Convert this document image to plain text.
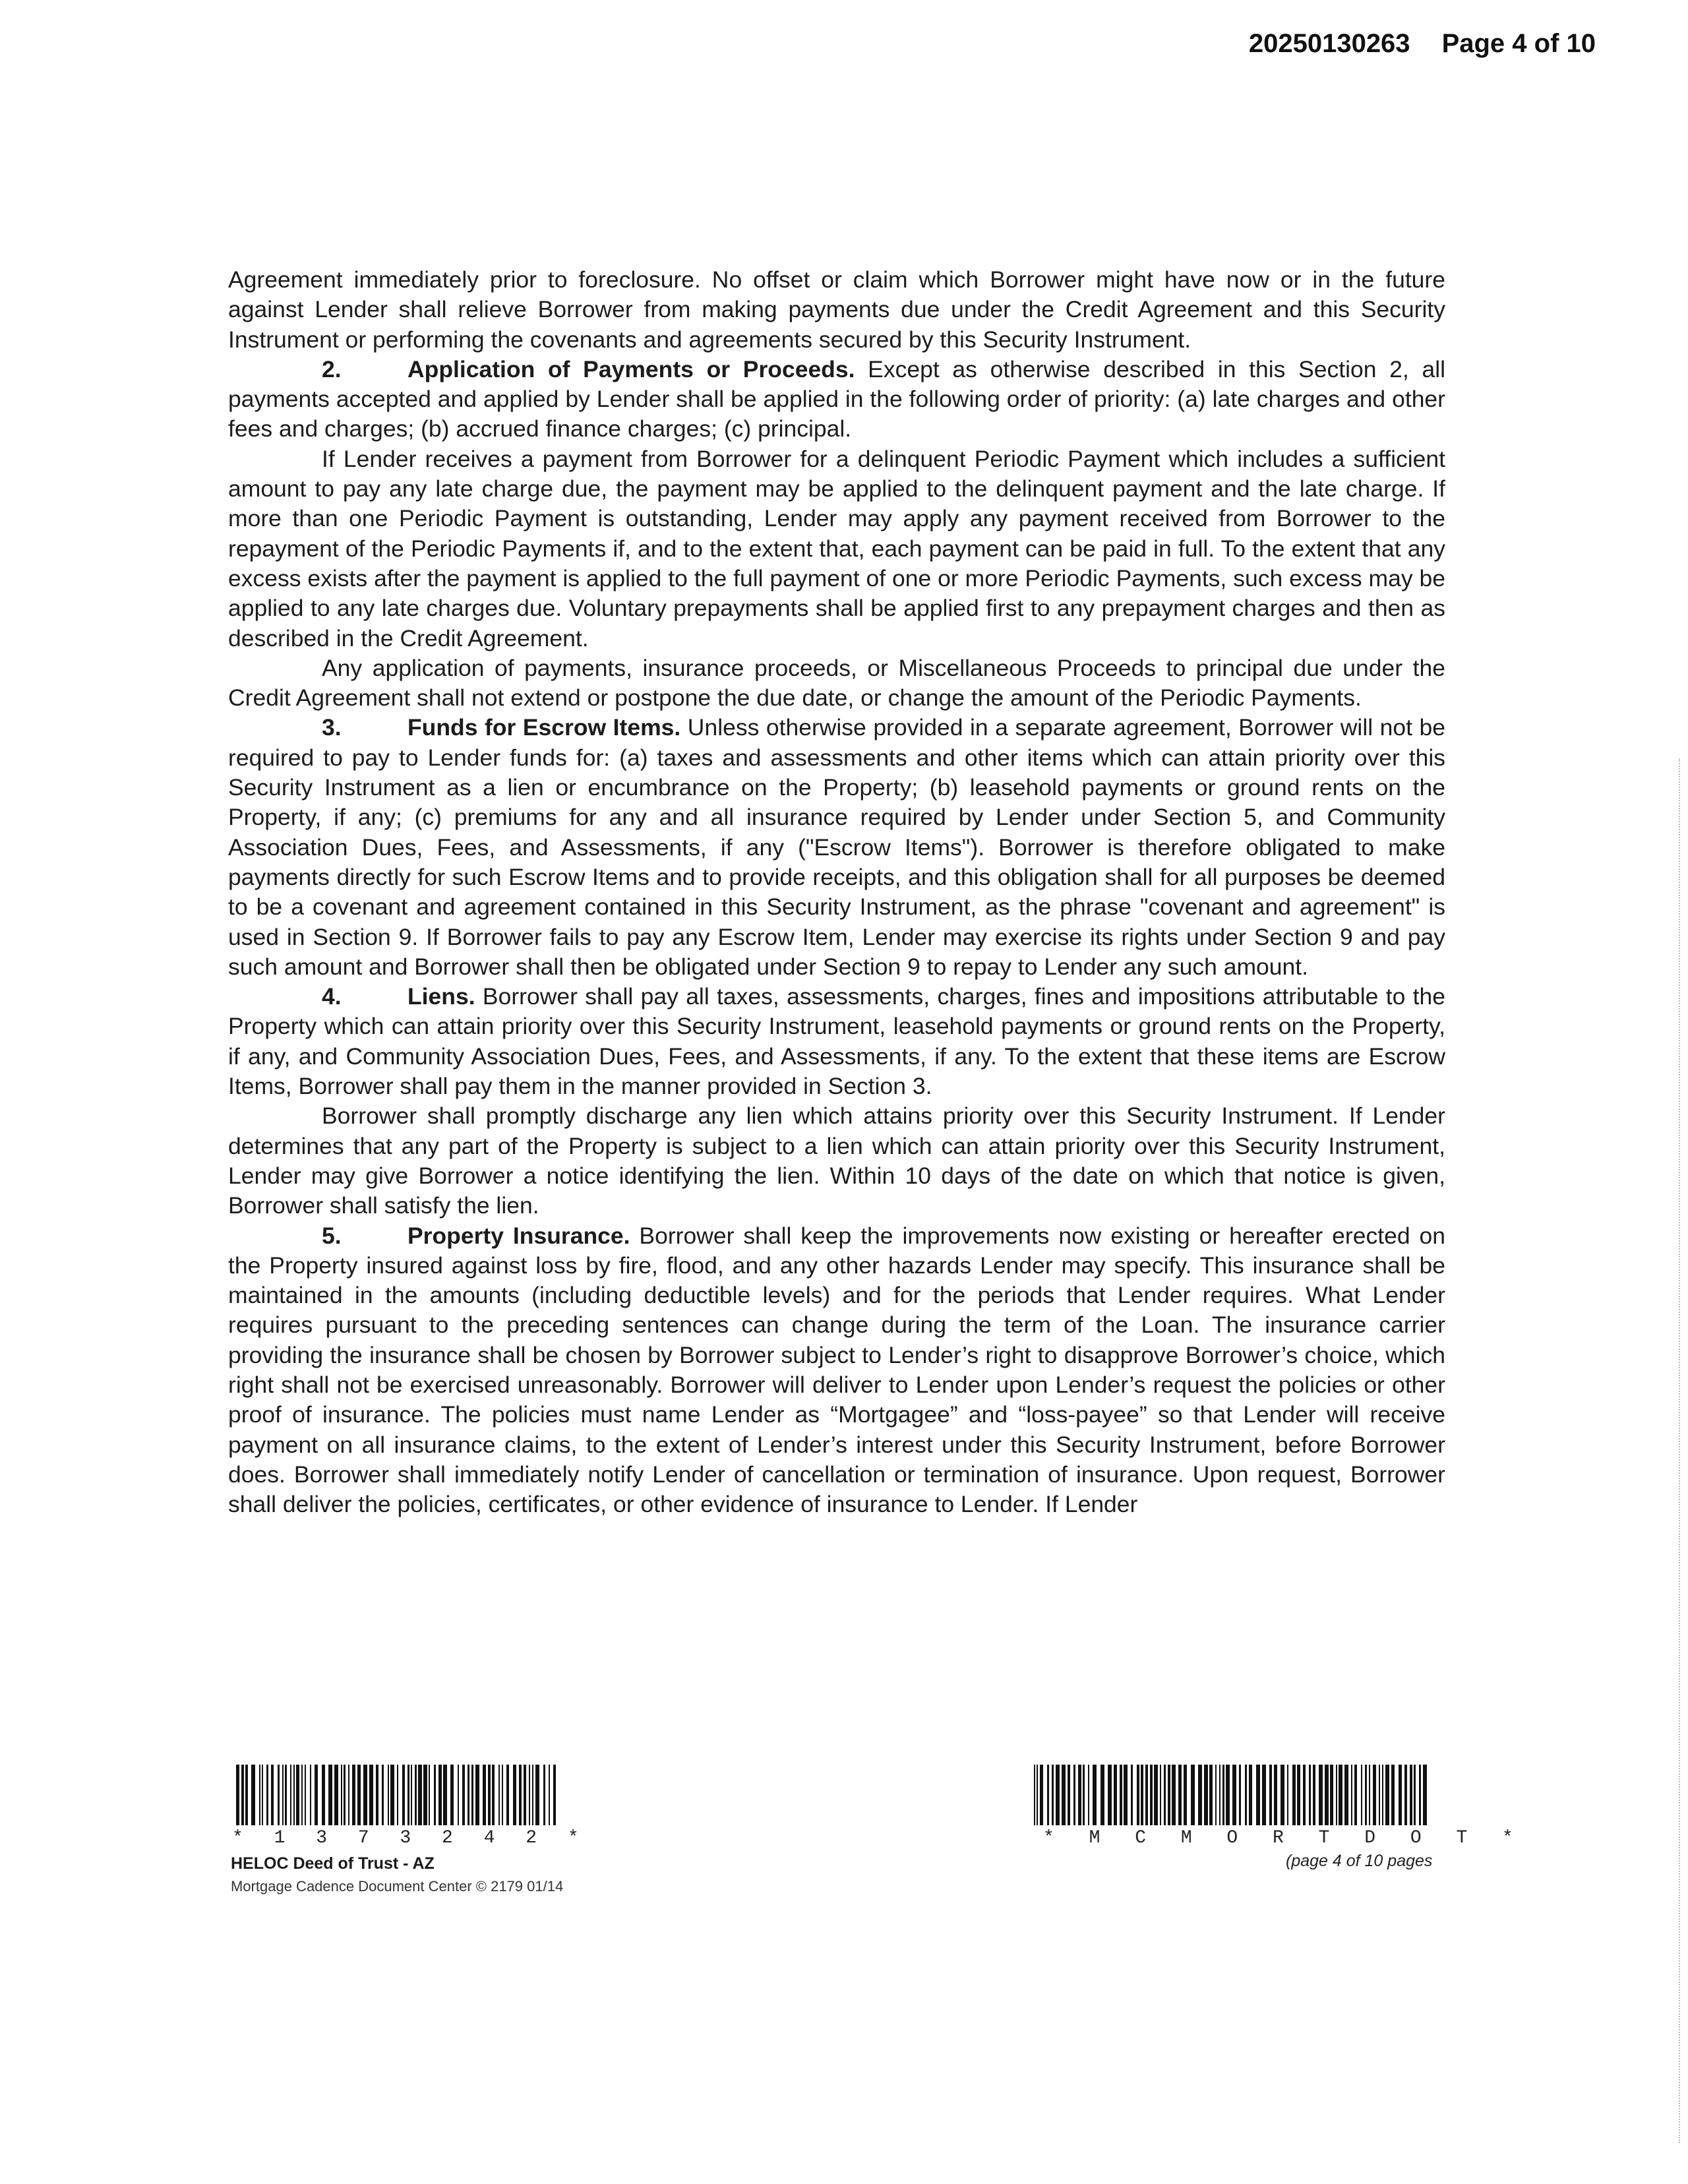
20250130263 Page 4 of 10

Agreement immediately prior to foreclosure. No offset or claim which Borrower might have now or in the future against Lender shall relieve Borrower from making payments due under the Credit Agreement and this Security Instrument or performing the covenants and agreements secured by this Security Instrument.

2.	Application of Payments or Proceeds. Except as otherwise described in this Section 2, all payments accepted and applied by Lender shall be applied in the following order of priority: (a) late charges and other fees and charges; (b) accrued finance charges; (c) principal.

If Lender receives a payment from Borrower for a delinquent Periodic Payment which includes a sufficient amount to pay any late charge due, the payment may be applied to the delinquent payment and the late charge. If more than one Periodic Payment is outstanding, Lender may apply any payment received from Borrower to the repayment of the Periodic Payments if, and to the extent that, each payment can be paid in full. To the extent that any excess exists after the payment is applied to the full payment of one or more Periodic Payments, such excess may be applied to any late charges due. Voluntary prepayments shall be applied first to any prepayment charges and then as described in the Credit Agreement.

Any application of payments, insurance proceeds, or Miscellaneous Proceeds to principal due under the Credit Agreement shall not extend or postpone the due date, or change the amount of the Periodic Payments.

3.	Funds for Escrow Items. Unless otherwise provided in a separate agreement, Borrower will not be required to pay to Lender funds for: (a) taxes and assessments and other items which can attain priority over this Security Instrument as a lien or encumbrance on the Property; (b) leasehold payments or ground rents on the Property, if any; (c) premiums for any and all insurance required by Lender under Section 5, and Community Association Dues, Fees, and Assessments, if any ("Escrow Items"). Borrower is therefore obligated to make payments directly for such Escrow Items and to provide receipts, and this obligation shall for all purposes be deemed to be a covenant and agreement contained in this Security Instrument, as the phrase "covenant and agreement" is used in Section 9. If Borrower fails to pay any Escrow Item, Lender may exercise its rights under Section 9 and pay such amount and Borrower shall then be obligated under Section 9 to repay to Lender any such amount.

4.	Liens. Borrower shall pay all taxes, assessments, charges, fines and impositions attributable to the Property which can attain priority over this Security Instrument, leasehold payments or ground rents on the Property, if any, and Community Association Dues, Fees, and Assessments, if any. To the extent that these items are Escrow Items, Borrower shall pay them in the manner provided in Section 3.

Borrower shall promptly discharge any lien which attains priority over this Security Instrument. If Lender determines that any part of the Property is subject to a lien which can attain priority over this Security Instrument, Lender may give Borrower a notice identifying the lien. Within 10 days of the date on which that notice is given, Borrower shall satisfy the lien.

5.	Property Insurance. Borrower shall keep the improvements now existing or hereafter erected on the Property insured against loss by fire, flood, and any other hazards Lender may specify. This insurance shall be maintained in the amounts (including deductible levels) and for the periods that Lender requires. What Lender requires pursuant to the preceding sentences can change during the term of the Loan. The insurance carrier providing the insurance shall be chosen by Borrower subject to Lender’s right to disapprove Borrower’s choice, which right shall not be exercised unreasonably. Borrower will deliver to Lender upon Lender’s request the policies or other proof of insurance. The policies must name Lender as “Mortgagee” and “loss-payee” so that Lender will receive payment on all insurance claims, to the extent of Lender’s interest under this Security Instrument, before Borrower does. Borrower shall immediately notify Lender of cancellation or termination of insurance. Upon request, Borrower shall deliver the policies, certificates, or other evidence of insurance to Lender. If Lender

* 1 3 7 3 2 4 2 *	* M C M O R T D O T *
HELOC Deed of Trust - AZ
Mortgage Cadence Document Center © 2179 01/14
(page 4 of 10 pages
